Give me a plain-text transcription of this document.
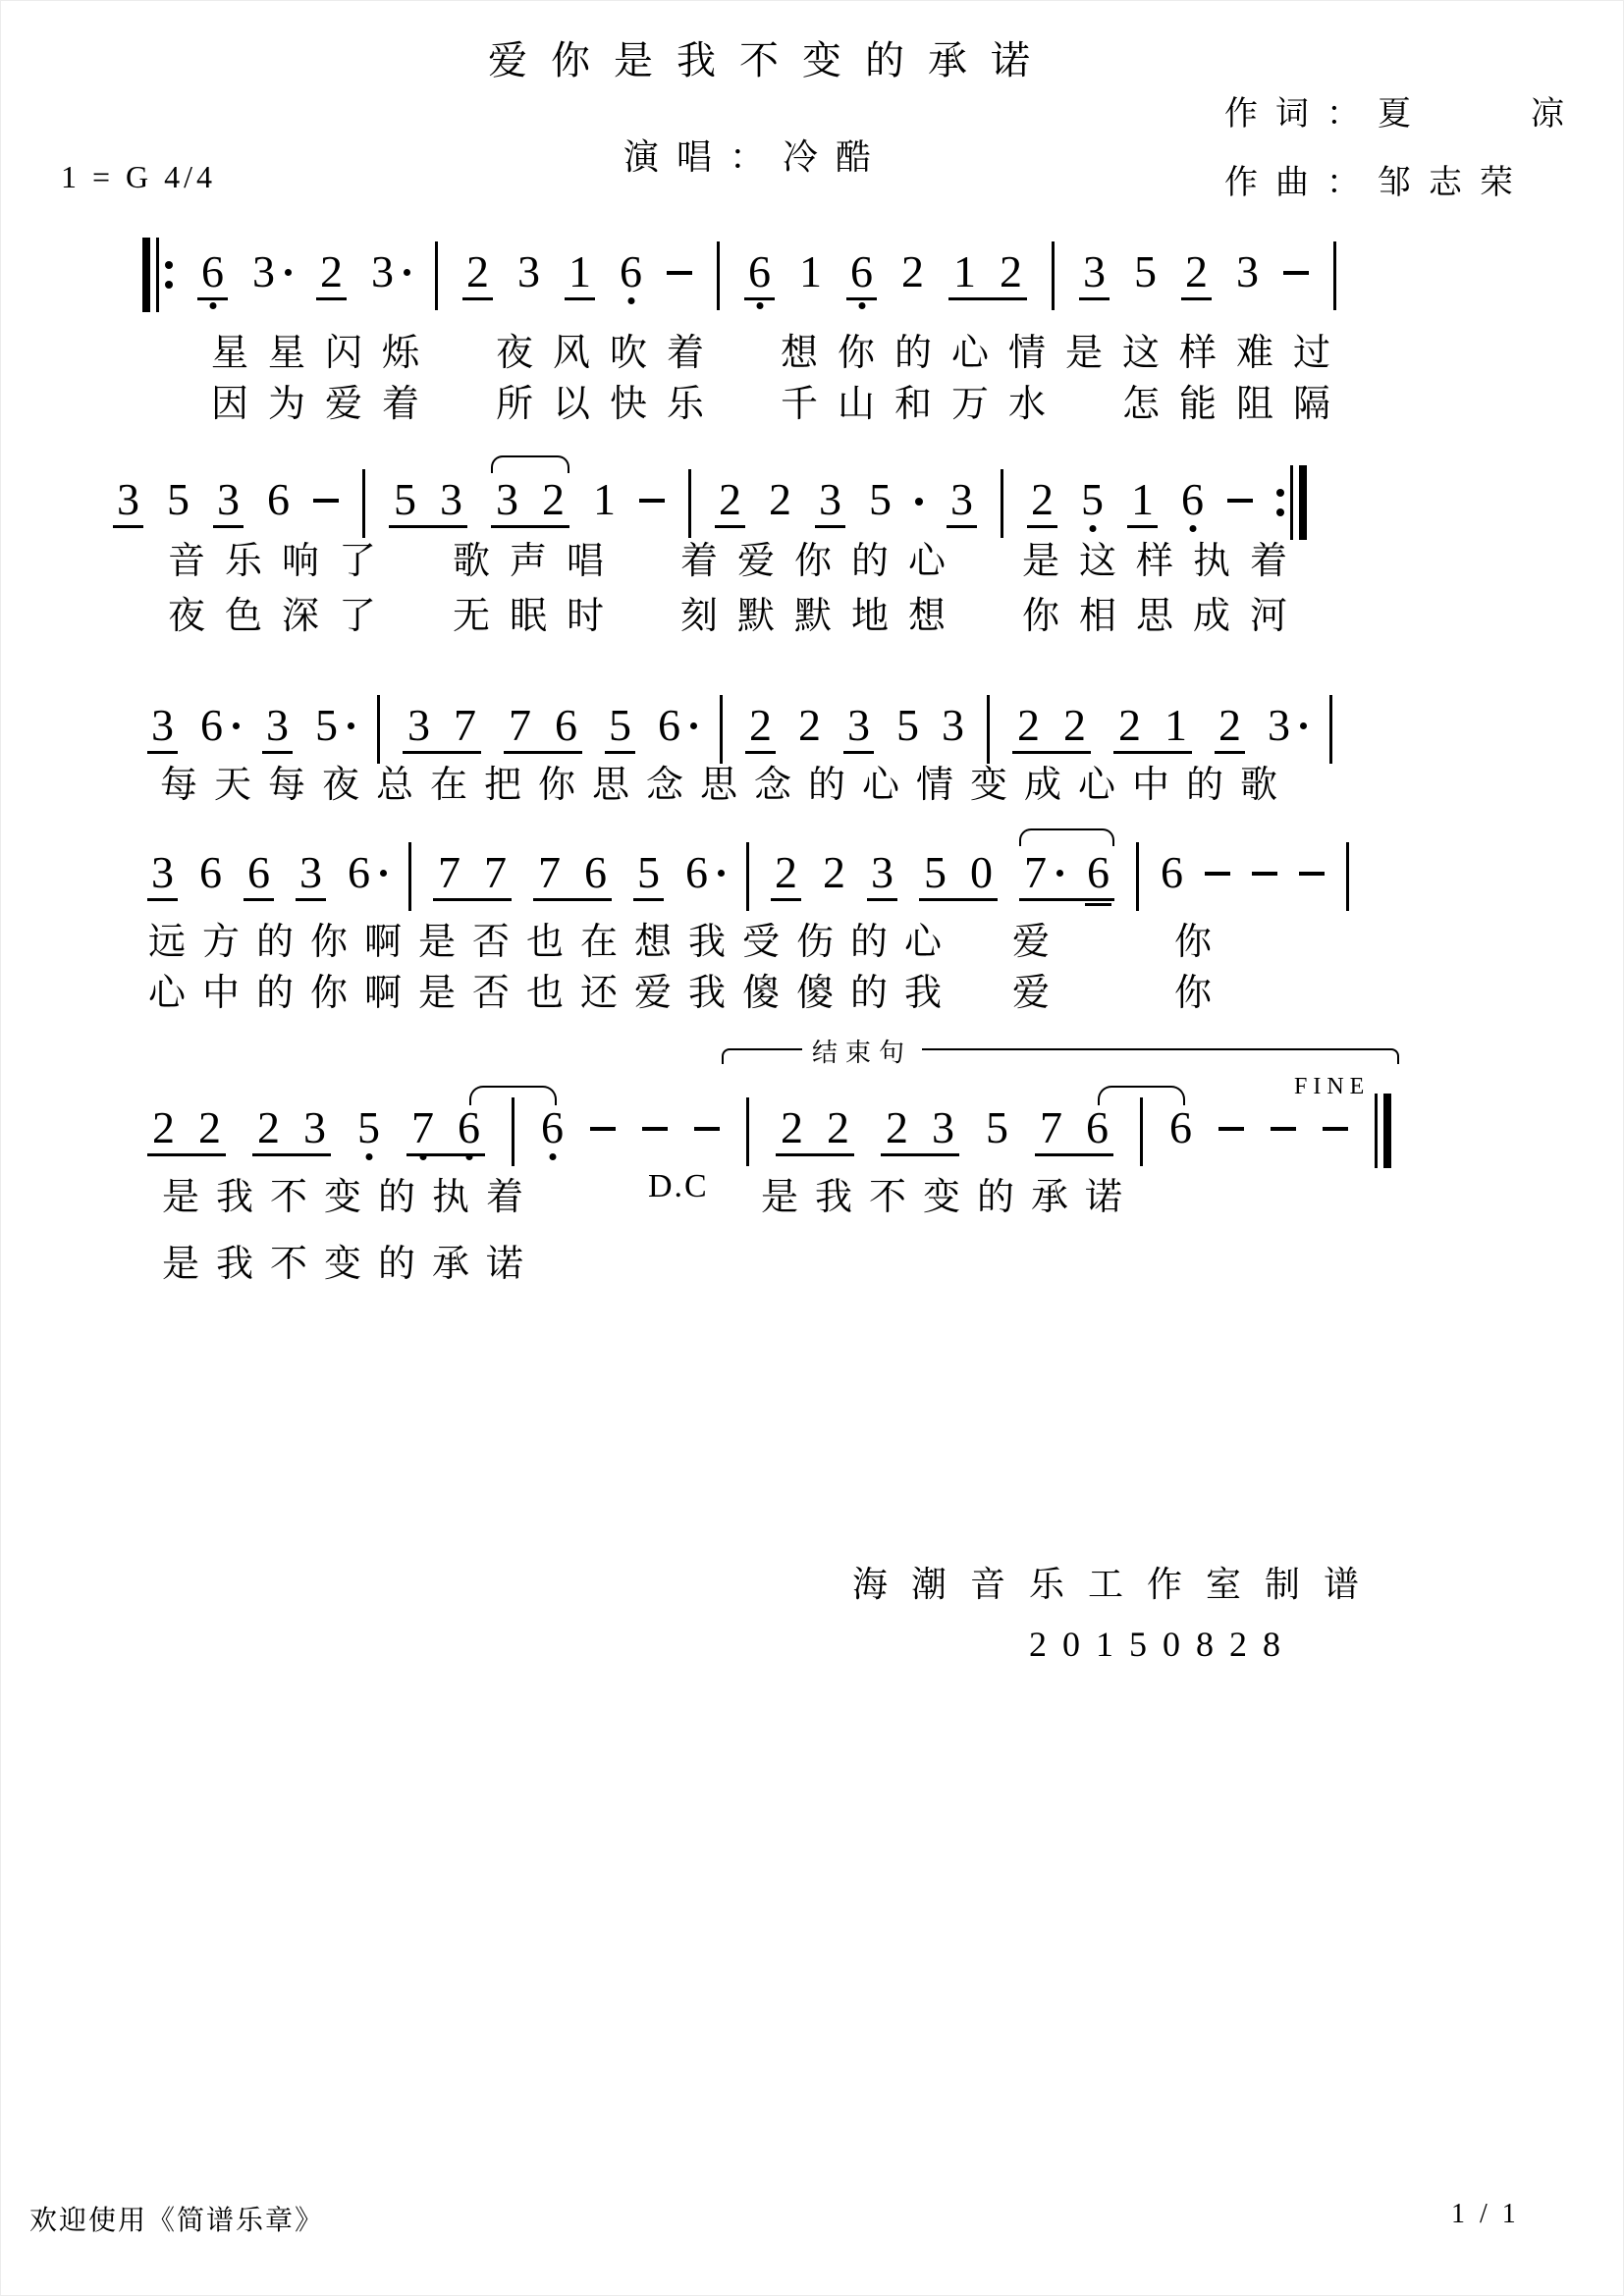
爱你是我不变的承诺
作词：夏　　凉
演唱：冷酷
作曲：邹志荣
1 = G 4/4
6 3	2 3	2 3 1 6 6 1 6 2 1 2 3 5 2 3
星星闪烁　夜风吹着　想你的心情是这样难过
因为爱着　所以快乐　千山和万水　怎能阻隔
3 5 3 6 5 3 3 2 1 2 2 3 5 3 2 5 1 6
音乐响了　歌声唱　着爱你的心　是这样执着
夜色深了　无眠时　刻默默地想　你相思成河
3 6 3 5	3 7 7 6 5 6	2 2 3 5 3 2 2 2 1 2 3
每天每夜总在把你思念思念的心情变成心中的歌
3 6 6 3 6	7 7 7 6 5 6	2 2 3 5 0 7 6 6
远方的你啊是否也在想我受伤的心　爱　　你
心中的你啊是否也还爱我傻傻的我　爱　　你
结束句
FINE
2 2 2 3 5 7 6 6	2 2 2 3 5 7 6 6
是我不变的执着	D.C 是我不变的承诺
是我不变的承诺
海潮音乐工作室制谱
20150828
欢迎使用《简谱乐章》	1 / 1
